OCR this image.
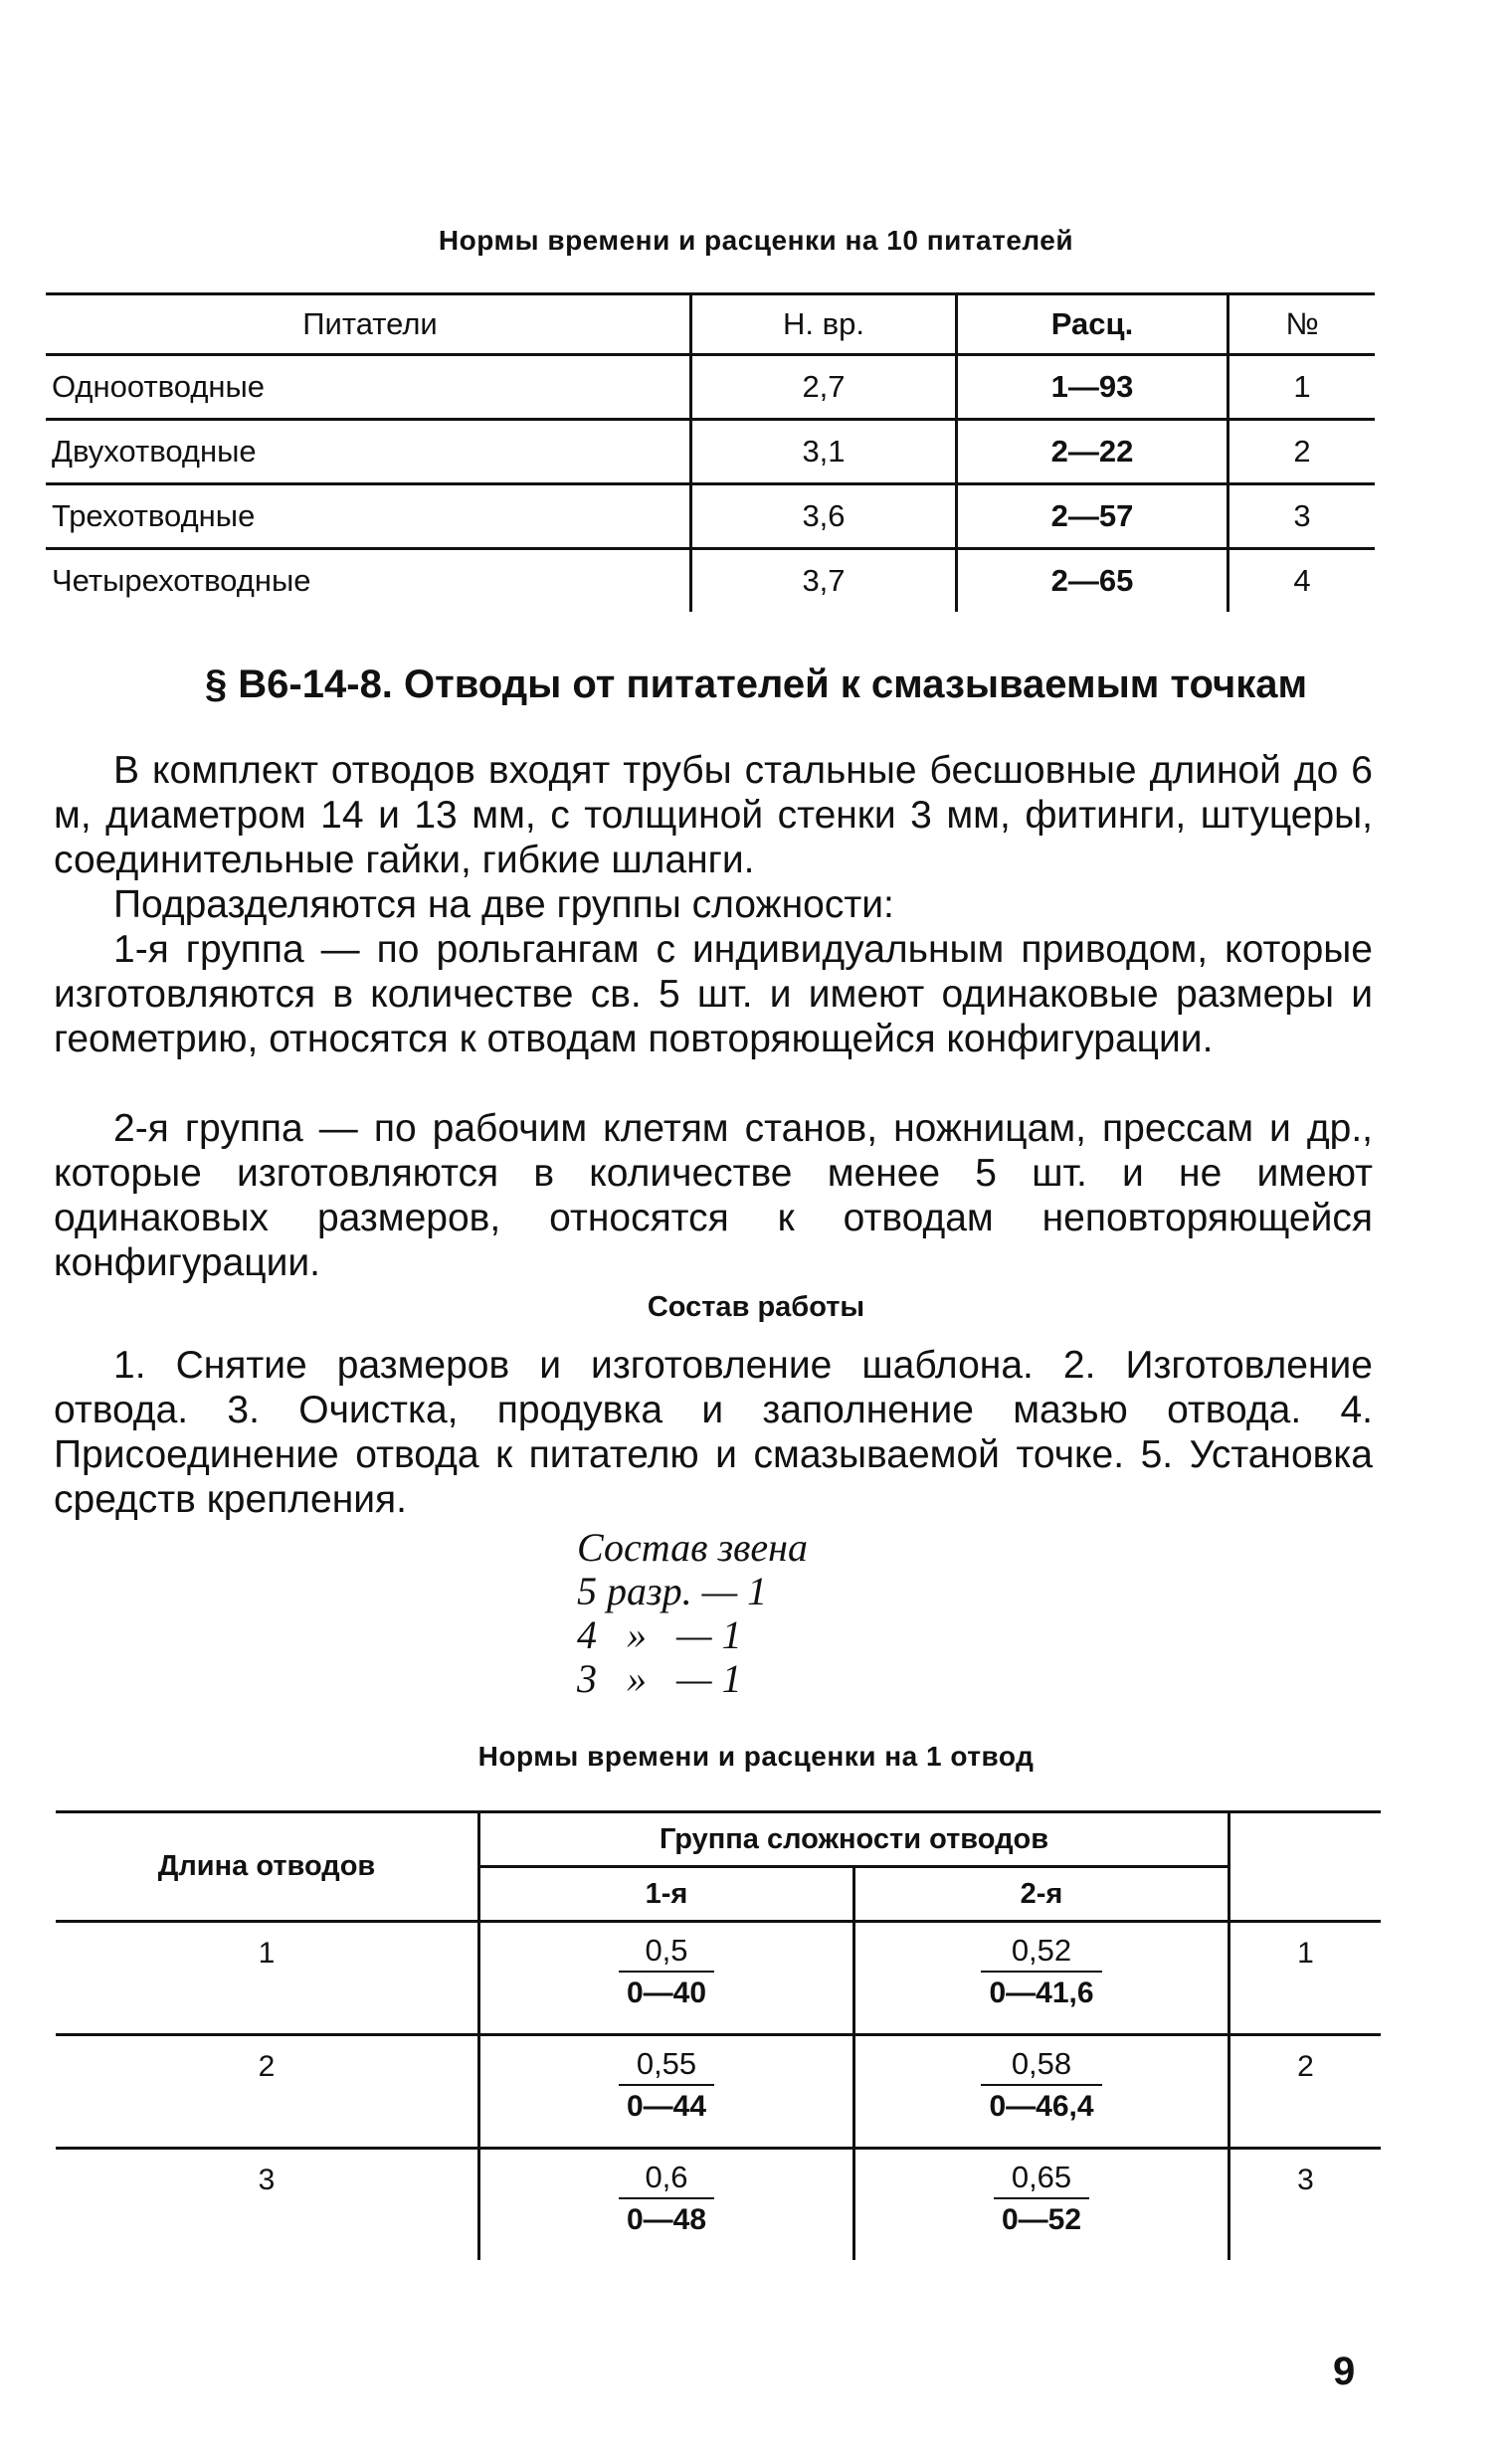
Нормы времени и расценки на 10 питателей
Питатели	Н. вр.	Расц.	№
Одноотводные	2,7	1—93	1
Двухотводные	3,1	2—22	2
Трехотводные	3,6	2—57	3
Четырехотводные	3,7	2—65	4
§ В6-14-8. Отводы от питателей к смазываемым точкам

В комплект отводов входят трубы стальные бесшовные длиной до 6 м, диаметром 14 и 13 мм, с толщиной стенки 3 мм, фитинги, штуцеры, соединительные гайки, гибкие шланги.

Подразделяются на две группы сложности:

1-я группа — по рольгангам с индивидуальным приводом, которые изготовляются в количестве св. 5 шт. и имеют одинаковые размеры и геометрию, относятся к отводам повторяющейся конфигурации.

2-я группа — по рабочим клетям станов, ножницам, прессам и др., которые изготовляются в количестве менее 5 шт. и не имеют одинаковых размеров, относятся к отводам неповторяющейся конфигурации.

Состав работы

1. Снятие размеров и изготовление шаблона. 2. Изготовление отвода. 3. Очистка, продувка и заполнение мазью отвода. 4. Присоединение отвода к питателю и смазываемой точке. 5. Установка средств крепления.

Состав звена
5 разр. — 1
4   »   — 1
3   »   — 1
Нормы времени и расценки на 1 отвод
Длина отводов	Группа сложности отводов		
	1-я	2-я	
1	$\frac{0,5}{0—40}$	$\frac{0,52}{0—41,6}$	1
2	$\frac{0,55}{0—44}$	$\frac{0,58}{0—46,4}$	2
3	$\frac{0,6}{0—48}$	$\frac{0,65}{0—52}$	3
9
